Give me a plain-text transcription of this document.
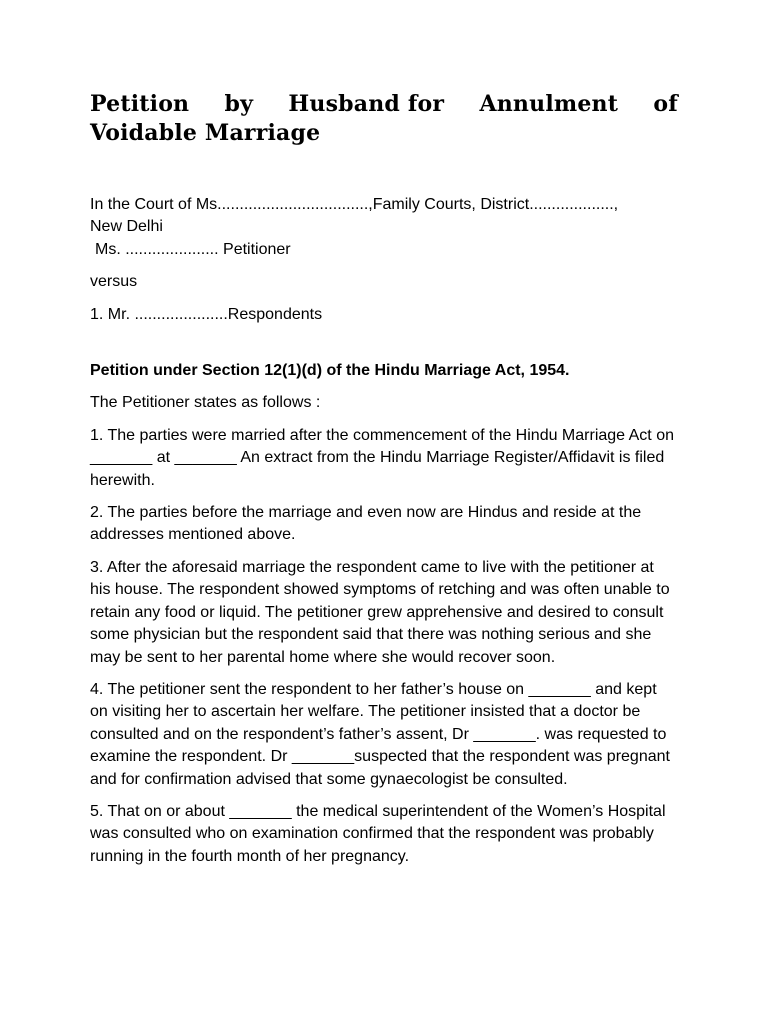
Petition by Husband for Annulment of
Voidable Marriage

In the Court of Ms..................................,Family Courts, District...................,

New Delhi

Ms. ..................... Petitioner

versus

1. Mr. .....................Respondents

Petition under Section 12(1)(d) of the Hindu Marriage Act, 1954.

The Petitioner states as follows :

1. The parties were married after the commencement of the Hindu Marriage Act on _______ at _______ An extract from the Hindu Marriage Register/Affidavit is filed herewith.

2. The parties before the marriage and even now are Hindus and reside at the addresses mentioned above.

3. After the aforesaid marriage the respondent came to live with the petitioner at his house. The respondent showed symptoms of retching and was often unable to retain any food or liquid. The petitioner grew apprehensive and desired to consult some physician but the respondent said that there was nothing serious and she may be sent to her parental home where she would recover soon.

4. The petitioner sent the respondent to her father’s house on _______ and kept on visiting her to ascertain her welfare. The petitioner insisted that a doctor be consulted and on the respondent’s father’s assent, Dr _______. was requested to examine the respondent. Dr _______suspected that the respondent was pregnant and for confirmation advised that some gynaecologist be consulted.

5. That on or about _______ the medical superintendent of the Women’s Hospital was consulted who on examination confirmed that the respondent was probably running in the fourth month of her pregnancy.
